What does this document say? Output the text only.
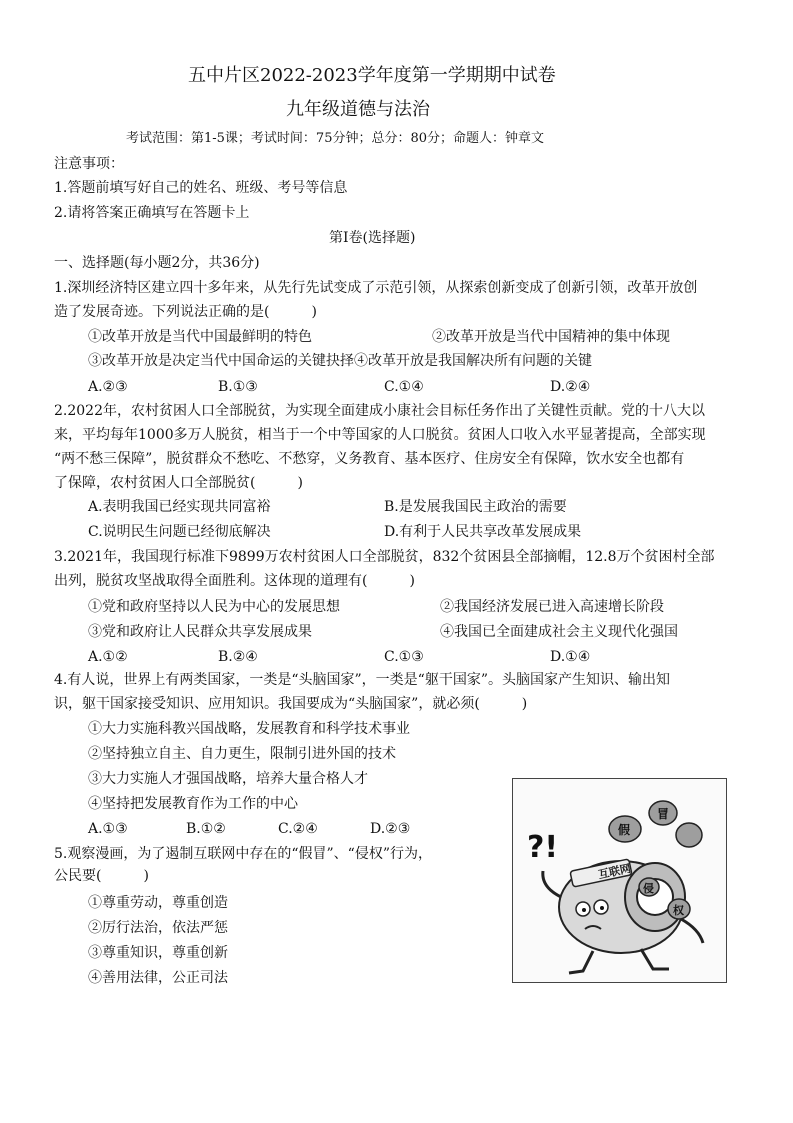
五中片区2022-2023学年度第一学期期中试卷
九年级道德与法治
考试范围：第1-5课；考试时间：75分钟；总分：80分；命题人：钟章文
注意事项：
1.答题前填写好自己的姓名、班级、考号等信息
2.请将答案正确填写在答题卡上
第Ⅰ卷(选择题)
一、选择题(每小题2分，共36分)
1.深圳经济特区建立四十多年来，从先行先试变成了示范引领，从探索创新变成了创新引领，改革开放创
造了发展奇迹。下列说法正确的是(　　　)
①改革开放是当代中国最鲜明的特色	②改革开放是当代中国精神的集中体现
③改革开放是决定当代中国命运的关键抉择④改革开放是我国解决所有问题的关键
A.②③	B.①③	C.①④	D.②④
2.2022年，农村贫困人口全部脱贫，为实现全面建成小康社会目标任务作出了关键性贡献。党的十八大以
来，平均每年1000多万人脱贫，相当于一个中等国家的人口脱贫。贫困人口收入水平显著提高，全部实现
“两不愁三保障”，脱贫群众不愁吃、不愁穿，义务教育、基本医疗、住房安全有保障，饮水安全也都有
了保障，农村贫困人口全部脱贫(　　　)
A.表明我国已经实现共同富裕	B.是发展我国民主政治的需要
C.说明民生问题已经彻底解决	D.有利于人民共享改革发展成果
3.2021年，我国现行标准下9899万农村贫困人口全部脱贫，832个贫困县全部摘帽，12.8万个贫困村全部
出列，脱贫攻坚战取得全面胜利。这体现的道理有(　　　)
①党和政府坚持以人民为中心的发展思想	②我国经济发展已进入高速增长阶段
③党和政府让人民群众共享发展成果	④我国已全面建成社会主义现代化强国
A.①②	B.②④	C.①③	D.①④
4.有人说，世界上有两类国家，一类是“头脑国家”，一类是“躯干国家”。头脑国家产生知识、输出知
识，躯干国家接受知识、应用知识。我国要成为“头脑国家”，就必须(　　　)
①大力实施科教兴国战略，发展教育和科学技术事业
②坚持独立自主、自力更生，限制引进外国的技术
③大力实施人才强国战略，培养大量合格人才
④坚持把发展教育作为工作的中心
A.①③	B.①②	C.②④	D.②③
5.观察漫画，为了遏制互联网中存在的“假冒”、“侵权”行为，
公民要(　　　)
①尊重劳动，尊重创造
②厉行法治，依法严惩
③尊重知识，尊重创新
④善用法律，公正司法
互联网
假
冒
侵
权
?!
